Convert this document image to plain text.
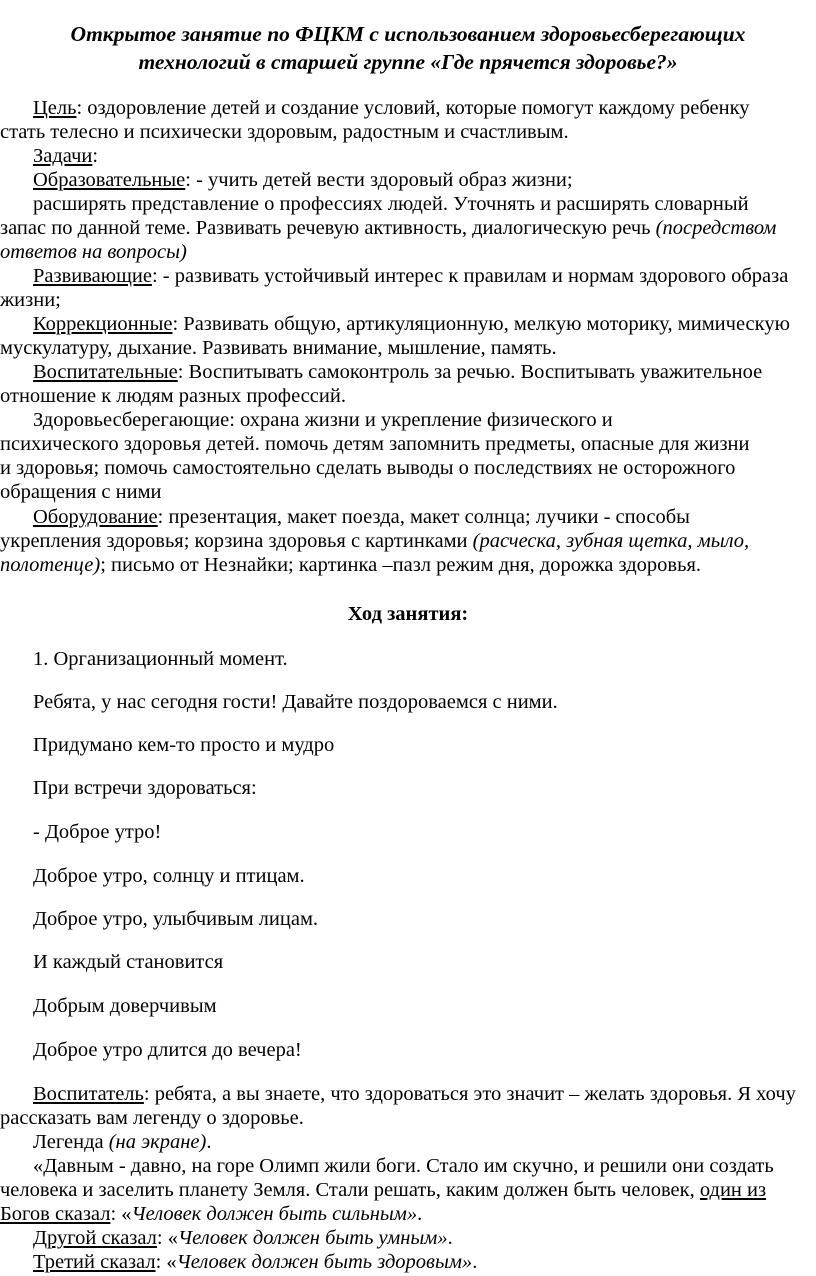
Открытое занятие по ФЦКМ с использованием здоровьесберегающих
технологий в старшей группе «Где прячется здоровье?»
Цель: оздоровление детей и создание условий, которые помогут каждому ребенку
стать телесно и психически здоровым, радостным и счастливым.
Задачи:
Образовательные: - учить детей вести здоровый образ жизни;
расширять представление о профессиях людей. Уточнять и расширять словарный
запас по данной теме. Развивать речевую активность, диалогическую речь (посредством
ответов на вопросы)
Развивающие: - развивать устойчивый интерес к правилам и нормам здорового образа
жизни;
Коррекционные: Развивать общую, артикуляционную, мелкую моторику, мимическую
мускулатуру, дыхание. Развивать внимание, мышление, память.
Воспитательные: Воспитывать самоконтроль за речью. Воспитывать уважительное
отношение к людям разных профессий.
Здоровьесберегающие: охрана жизни и укрепление физического и
психического здоровья детей. помочь детям запомнить предметы, опасные для жизни
и здоровья; помочь самостоятельно сделать выводы о последствиях не осторожного
обращения с ними
Оборудование: презентация, макет поезда, макет солнца; лучики - способы
укрепления здоровья; корзина здоровья с картинками (расческа, зубная щетка, мыло,
полотенце); письмо от Незнайки; картинка –пазл режим дня, дорожка здоровья.
Ход занятия:
1. Организационный момент.
Ребята, у нас сегодня гости! Давайте поздороваемся с ними.
Придумано кем-то просто и мудро
При встречи здороваться:
- Доброе утро!
Доброе утро, солнцу и птицам.
Доброе утро, улыбчивым лицам.
И каждый становится
Добрым доверчивым
Доброе утро длится до вечера!
Воспитатель: ребята, а вы знаете, что здороваться это значит – желать здоровья. Я хочу
рассказать вам легенду о здоровье.
Легенда (на экране).
«Давным - давно, на горе Олимп жили боги. Стало им скучно, и решили они создать
человека и заселить планету Земля. Стали решать, каким должен быть человек, один из
Богов сказал: «Человек должен быть сильным».
Другой сказал: «Человек должен быть умным».
Третий сказал: «Человек должен быть здоровым».
